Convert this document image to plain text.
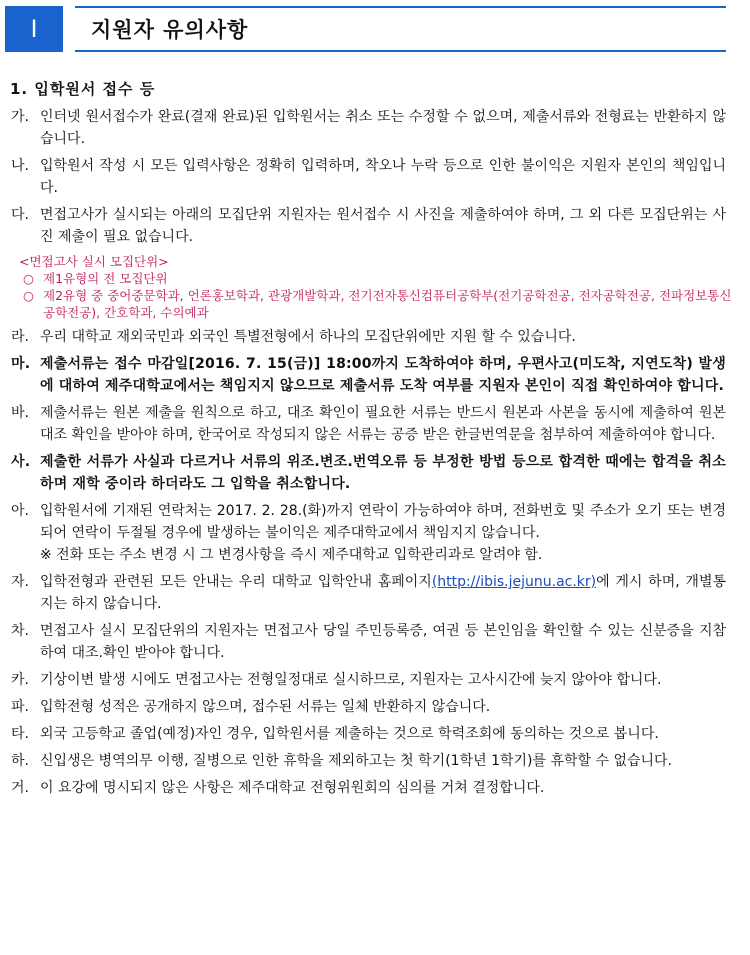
Ⅰ	지원자 유의사항
1. 입학원서 접수 등
가. 인터넷 원서접수가 완료(결재 완료)된 입학원서는 취소 또는 수정할 수 없으며, 제출서류와 전형료는 반환하지 않습니다.
나. 입학원서 작성 시 모든 입력사항은 정확히 입력하며, 착오나 누락 등으로 인한 불이익은 지원자 본인의 책임입니다.
다. 면접고사가 실시되는 아래의 모집단위 지원자는 원서접수 시 사진을 제출하여야 하며, 그 외 다른 모집단위는 사진 제출이 필요 없습니다.
<면접고사 실시 모집단위>
○ 제1유형의 전 모집단위
○ 제2유형 중 중어중문학과, 언론홍보학과, 관광개발학과, 전기전자통신컴퓨터공학부(전기공학전공, 전자공학전공, 전파정보통신공학전공), 간호학과, 수의예과
라. 우리 대학교 재외국민과 외국인 특별전형에서 하나의 모집단위에만 지원 할 수 있습니다.
마. 제출서류는 접수 마감일[2016. 7. 15(금)] 18:00까지 도착하여야 하며, 우편사고(미도착, 지연도착) 발생에 대하여 제주대학교에서는 책임지지 않으므로 제출서류 도착 여부를 지원자 본인이 직접 확인하여야 합니다.
바. 제출서류는 원본 제출을 원칙으로 하고, 대조 확인이 필요한 서류는 반드시 원본과 사본을 동시에 제출하여 원본대조 확인을 받아야 하며, 한국어로 작성되지 않은 서류는 공증 받은 한글번역문을 첨부하여 제출하여야 합니다.
사. 제출한 서류가 사실과 다르거나 서류의 위조.변조.번역오류 등 부정한 방법 등으로 합격한 때에는 합격을 취소하며 재학 중이라 하더라도 그 입학을 취소합니다.
아. 입학원서에 기재된 연락처는 2017. 2. 28.(화)까지 연락이 가능하여야 하며, 전화번호 및 주소가 오기 또는 변경되어 연락이 두절될 경우에 발생하는 불이익은 제주대학교에서 책임지지 않습니다.
※ 전화 또는 주소 변경 시 그 변경사항을 즉시 제주대학교 입학관리과로 알려야 함.
자. 입학전형과 관련된 모든 안내는 우리 대학교 입학안내 홈페이지(http://ibis.jejunu.ac.kr)에 게시 하며, 개별통지는 하지 않습니다.
차. 면접고사 실시 모집단위의 지원자는 면접고사 당일 주민등록증, 여권 등 본인임을 확인할 수 있는 신분증을 지참하여 대조.확인 받아야 합니다.
카. 기상이변 발생 시에도 면접고사는 전형일정대로 실시하므로, 지원자는 고사시간에 늦지 않아야 합니다.
파. 입학전형 성적은 공개하지 않으며, 접수된 서류는 일체 반환하지 않습니다.
타. 외국 고등학교 졸업(예정)자인 경우, 입학원서를 제출하는 것으로 학력조회에 동의하는 것으로 봅니다.
하. 신입생은 병역의무 이행, 질병으로 인한 휴학을 제외하고는 첫 학기(1학년 1학기)를 휴학할 수 없습니다.
거. 이 요강에 명시되지 않은 사항은 제주대학교 전형위원회의 심의를 거쳐 결정합니다.
